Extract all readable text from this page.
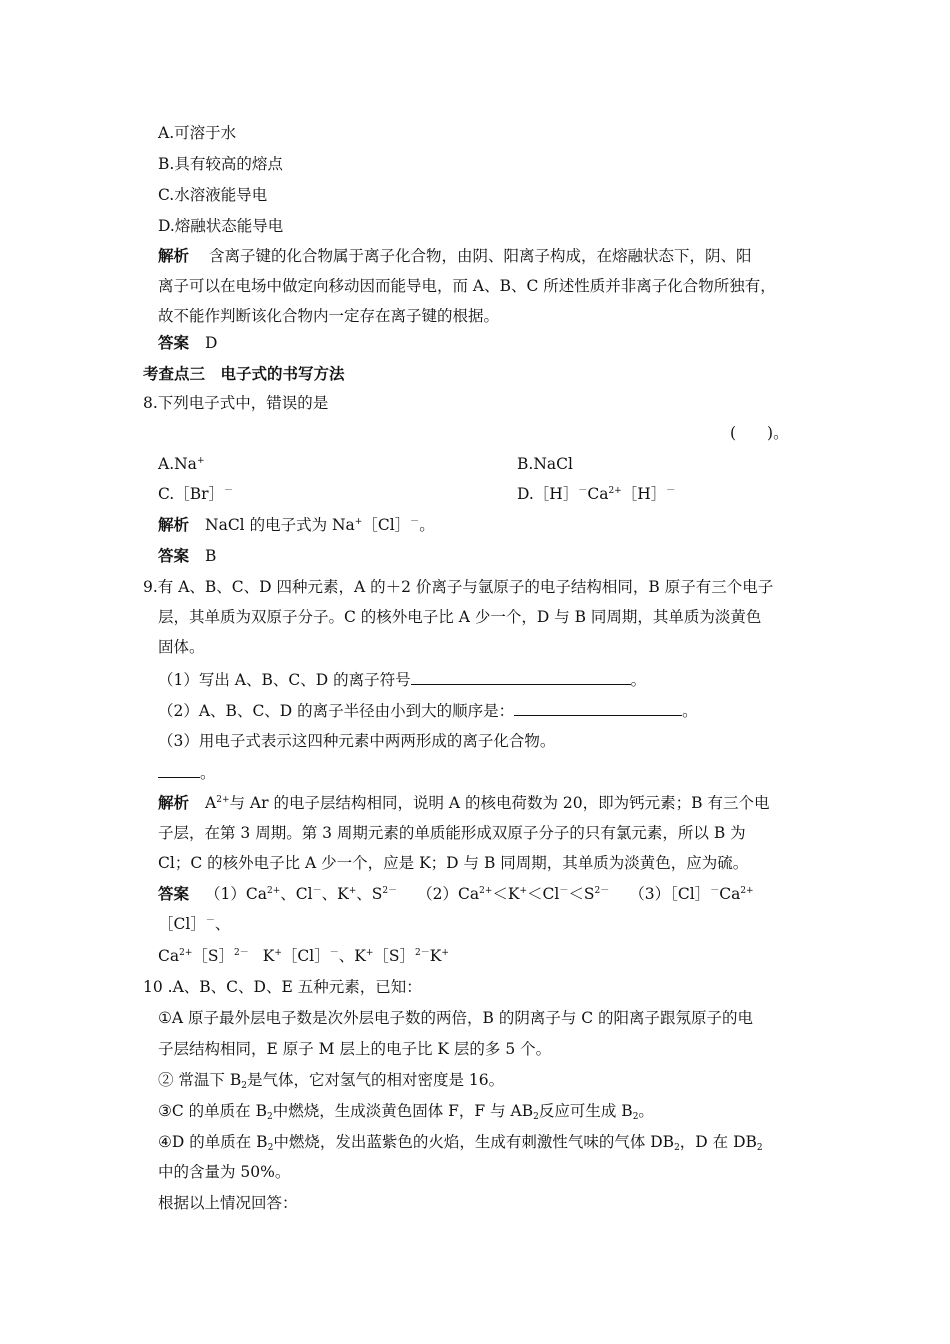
A.可溶于水
B.具有较高的熔点
C.水溶液能导电
D.熔融状态能导电
解析 含离子键的化合物属于离子化合物，由阴、阳离子构成，在熔融状态下，阴、阳
离子可以在电场中做定向移动因而能导电，而 A、B、C 所述性质并非离子化合物所独有，
故不能作判断该化合物内一定存在离子键的根据。
答案 D
考查点三　电子式的书写方法
8.下列电子式中，错误的是
(　　)。
A.Na+	B.NaCl
C.［Br］－	$D.[H]^-Ca^{2+}[H]^-$
解析 NaCl 的电子式为 Na+［Cl］－。
答案 B
9.有 A、B、C、D 四种元素，A 的＋2 价离子与氩原子的电子结构相同，B 原子有三个电子
层，其单质为双原子分子。C 的核外电子比 A 少一个，D 与 B 同周期，其单质为淡黄色
固体。
（1）写出 A、B、C、D 的离子符号	。
（2）A、B、C、D 的离子半径由小到大的顺序是：	。
（3）用电子式表示这四种元素中两两形成的离子化合物。
。
解析 $A^{2+}$与 Ar 的电子层结构相同，说明 A 的核电荷数为 20，即为钙元素；B 有三个电
子层，在第 3 周期。第 3 周期元素的单质能形成双原子分子的只有氯元素，所以 B 为
Cl；C 的核外电子比 A 少一个，应是 K；D 与 B 同周期，其单质为淡黄色，应为硫。
答案 $(1)Ca^{2+}$、Cl－、K+、$S^{2-}$ $(2)Ca^{2+}<K^+<Cl^-<S^{2-}$ $(3)[Cl]^-Ca^{2+}$
［Cl］－、
$Ca^{2+}[S]^{2-}$ K+［Cl］－、K+［S］$^{2-}$K+
10 .A、B、C、D、E 五种元素，已知：
①A 原子最外层电子数是次外层电子数的两倍，B 的阴离子与 C 的阳离子跟氖原子的电
子层结构相同，E 原子 M 层上的电子比 K 层的多 5 个。
② 常温下 $B_2$是气体，它对氢气的相对密度是 16。
③C 的单质在 $B_2$中燃烧，生成淡黄色固体 F，F 与 $AB_2$反应可生成 $B_2$。
④D 的单质在 $B_2$中燃烧，发出蓝紫色的火焰，生成有刺激性气味的气体 $DB_2$，D 在 $DB_2$
中的含量为 50%。
根据以上情况回答：
